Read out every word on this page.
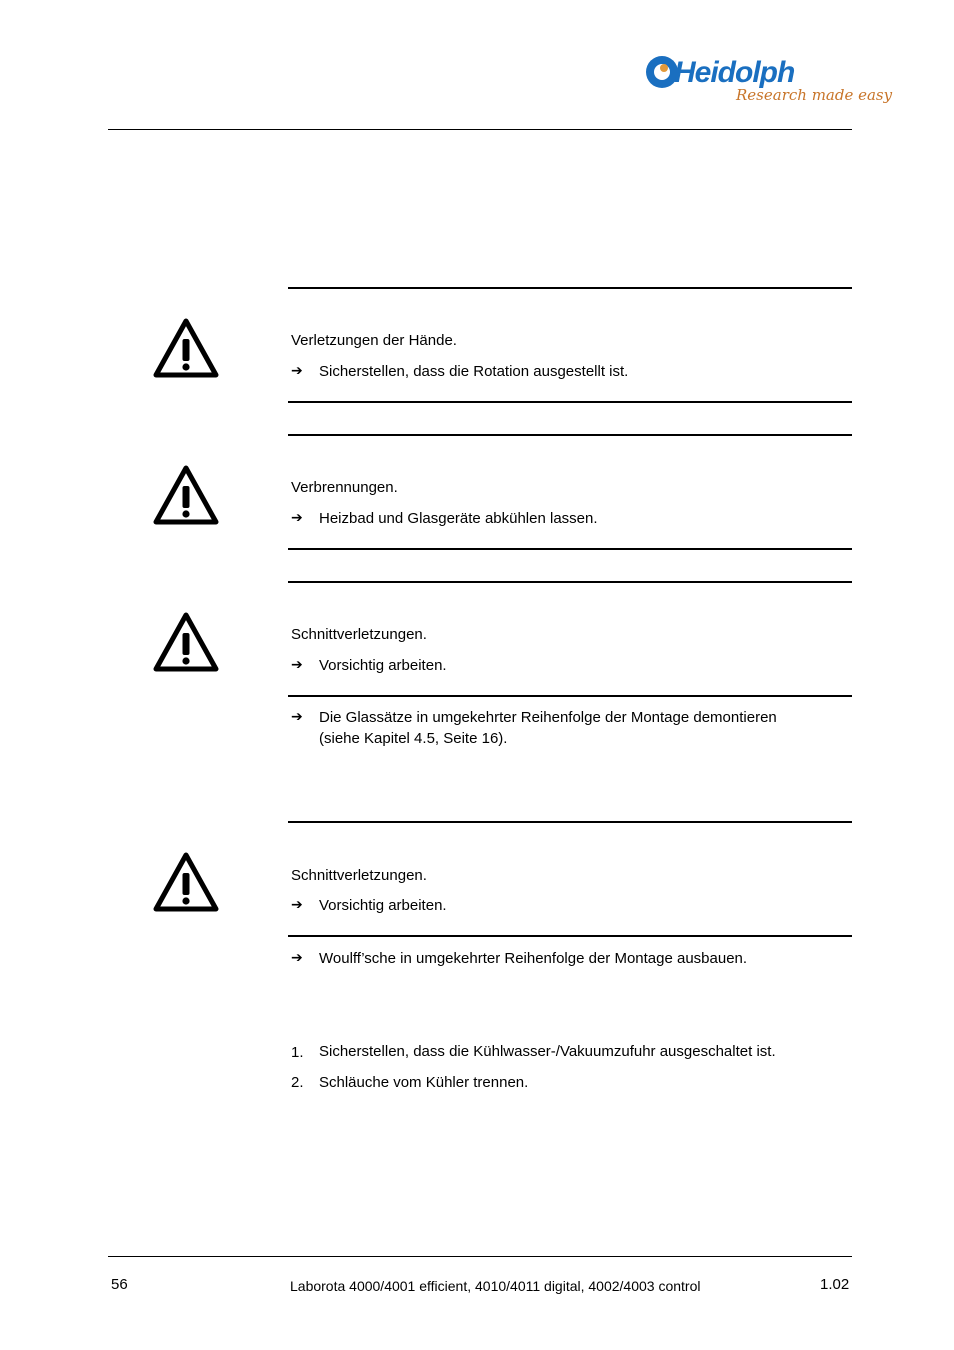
Heidolph
Research made easy
Verletzungen der Hände.
➔ Sicherstellen, dass die Rotation ausgestellt ist.
Verbrennungen.
➔ Heizbad und Glasgeräte abkühlen lassen.
Schnittverletzungen.
➔ Vorsichtig arbeiten.
➔ Die Glassätze in umgekehrter Reihenfolge der Montage demontieren
(siehe Kapitel 4.5, Seite 16).
Schnittverletzungen.
➔ Vorsichtig arbeiten.
➔ Woulff’sche in umgekehrter Reihenfolge der Montage ausbauen.
1. Sicherstellen, dass die Kühlwasser-/Vakuumzufuhr ausgeschaltet ist.
2. Schläuche vom Kühler trennen.
56	Laborota 4000/4001 efficient, 4010/4011 digital, 4002/4003 control	1.02
